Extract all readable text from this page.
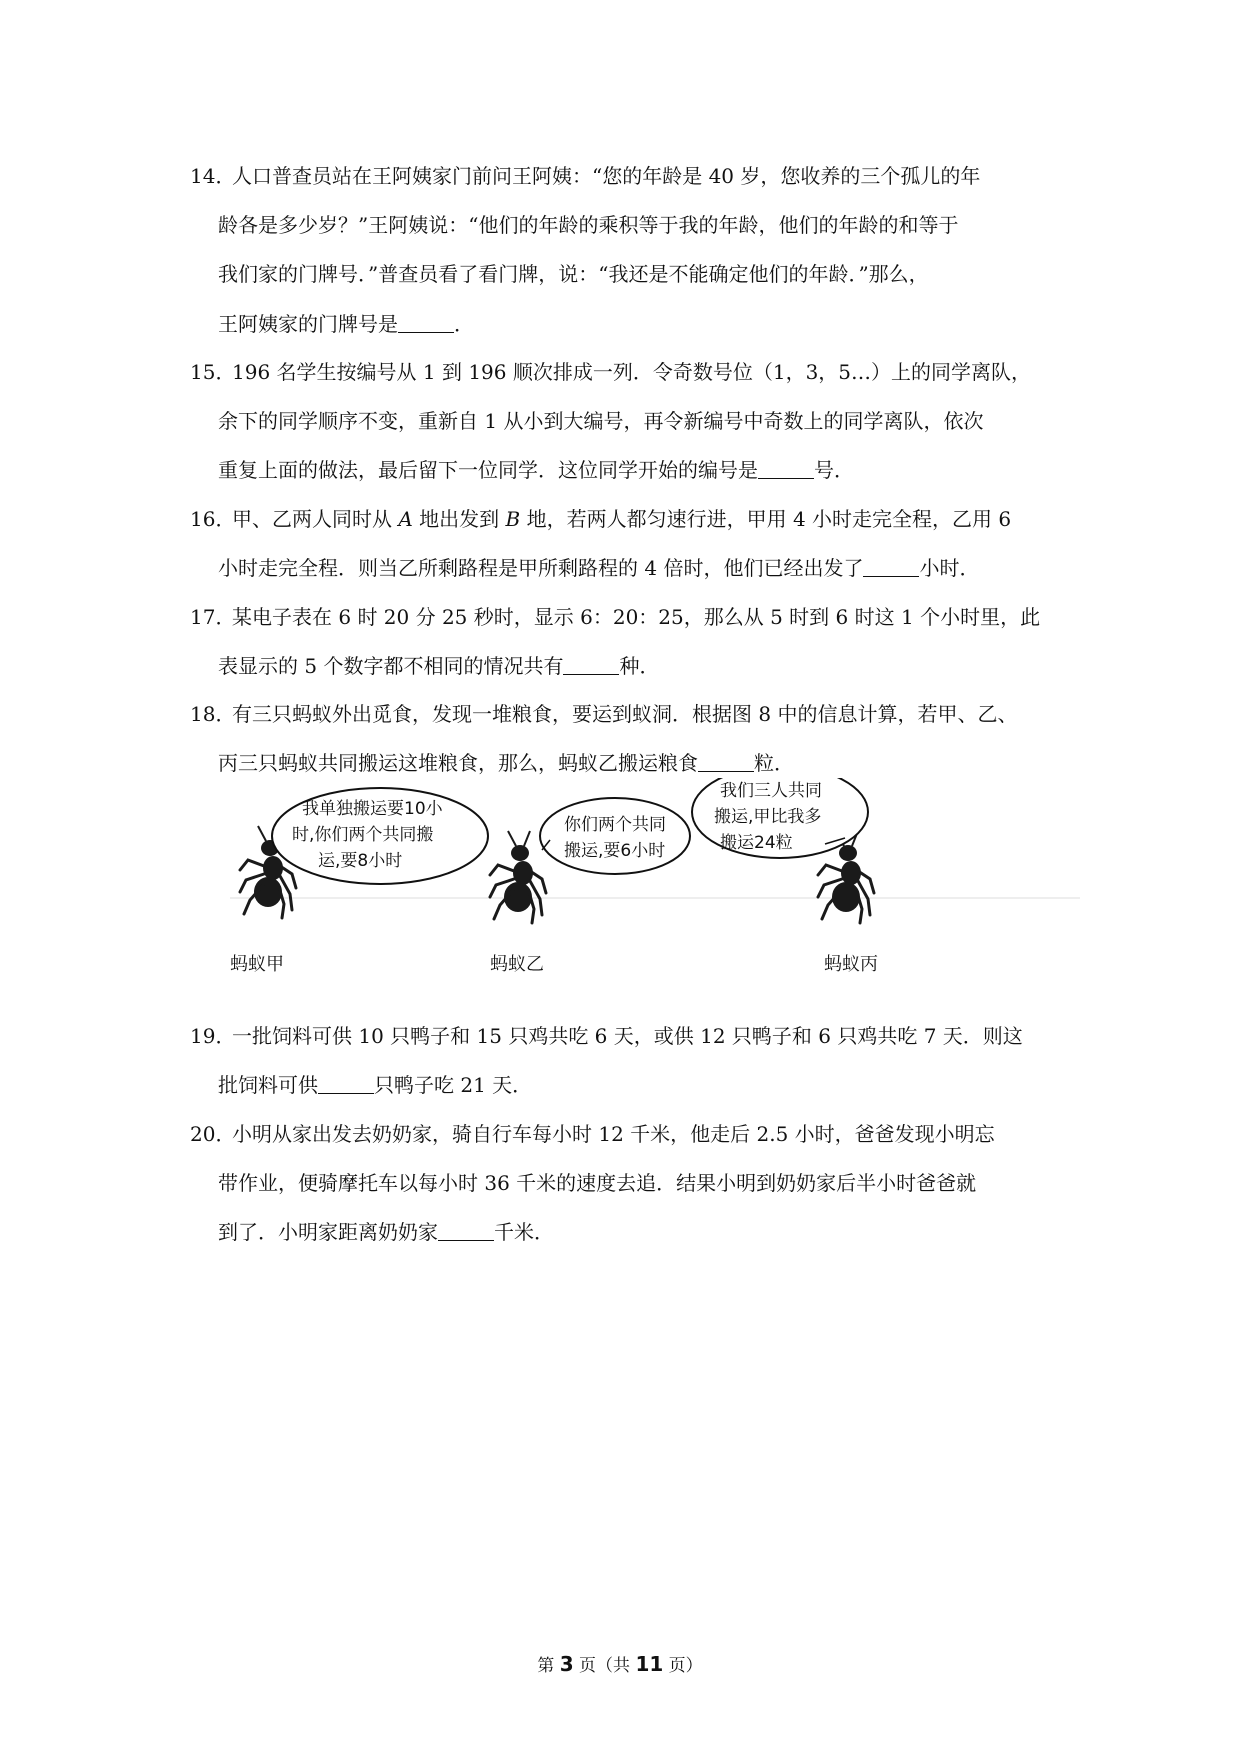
14．
人口普查员站在王阿姨家门前问王阿姨：“您的年龄是 40 岁，您收养的三个孤儿的年
龄各是多少岁？”王阿姨说：“他们的年龄的乘积等于我的年龄，他们的年龄的和等于
我们家的门牌号．”普查员看了看门牌，说：“我还是不能确定他们的年龄．”那么，
王阿姨家的门牌号是	．
15．
196 名学生按编号从 1 到 196 顺次排成一列．令奇数号位（1，3，5…）上的同学离队，
余下的同学顺序不变，重新自 1 从小到大编号，再令新编号中奇数上的同学离队，依次
重复上面的做法，最后留下一位同学．这位同学开始的编号是	号．
16．
甲、乙两人同时从 A 地出发到 B 地，若两人都匀速行进，甲用 4 小时走完全程，乙用 6
小时走完全程．则当乙所剩路程是甲所剩路程的 4 倍时，他们已经出发了	小时．
17．
某电子表在 6 时 20 分 25 秒时，显示 6：20：25，那么从 5 时到 6 时这 1 个小时里，此
表显示的 5 个数字都不相同的情况共有	种．
18．
有三只蚂蚁外出觅食，发现一堆粮食，要运到蚁洞．根据图 8 中的信息计算，若甲、乙、
丙三只蚂蚁共同搬运这堆粮食，那么，蚂蚁乙搬运粮食	粒．
我单独搬运要10小
时,你们两个共同搬
运,要8小时
你们两个共同
搬运,要6小时
我们三人共同
搬运,甲比我多
搬运24粒
蚂蚁甲	蚂蚁乙	蚂蚁丙
19．
一批饲料可供 10 只鸭子和 15 只鸡共吃 6 天，或供 12 只鸭子和 6 只鸡共吃 7 天．则这
批饲料可供	只鸭子吃 21 天．
20．
小明从家出发去奶奶家，骑自行车每小时 12 千米，他走后 2.5 小时，爸爸发现小明忘
带作业，便骑摩托车以每小时 36 千米的速度去追．结果小明到奶奶家后半小时爸爸就
到了．小明家距离奶奶家	千米．
第 3 页（共 11 页）
